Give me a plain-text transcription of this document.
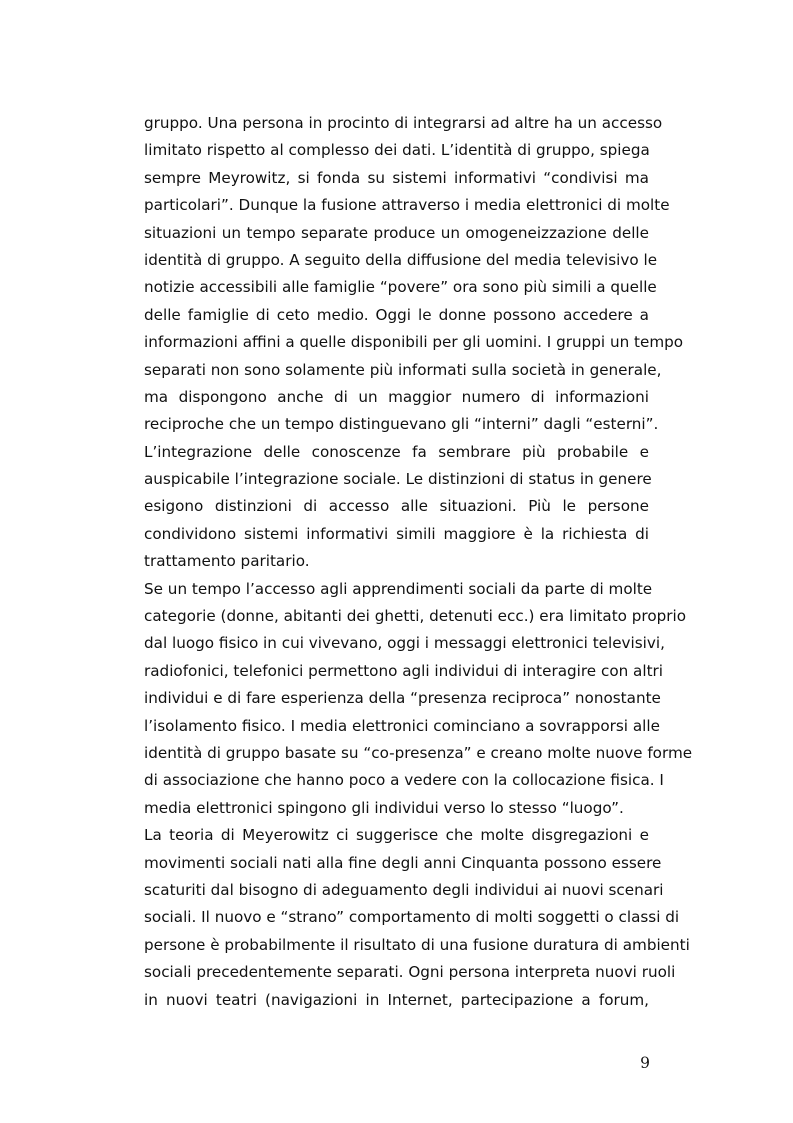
gruppo. Una persona in procinto di integrarsi ad altre ha un accesso
limitato rispetto al complesso dei dati. L’identità di gruppo, spiega
sempre Meyrowitz, si fonda su sistemi informativi “condivisi ma
particolari”. Dunque la fusione attraverso i media elettronici di molte
situazioni un tempo separate produce un omogeneizzazione delle
identità di gruppo. A seguito della diffusione del media televisivo le
notizie accessibili alle famiglie “povere” ora sono più simili a quelle
delle famiglie di ceto medio. Oggi le donne possono accedere a
informazioni affini a quelle disponibili per gli uomini. I gruppi un tempo
separati non sono solamente più informati sulla società in generale,
ma dispongono anche di un maggior numero di informazioni
reciproche che un tempo distinguevano gli “interni” dagli “esterni”.
L’integrazione delle conoscenze fa sembrare più probabile e
auspicabile l’integrazione sociale. Le distinzioni di status in genere
esigono distinzioni di accesso alle situazioni. Più le persone
condividono sistemi informativi simili maggiore è la richiesta di
trattamento paritario.
Se un tempo l’accesso agli apprendimenti sociali da parte di molte
categorie (donne, abitanti dei ghetti, detenuti ecc.) era limitato proprio
dal luogo fisico in cui vivevano, oggi i messaggi elettronici televisivi,
radiofonici, telefonici permettono agli individui di interagire con altri
individui e di fare esperienza della “presenza reciproca” nonostante
l’isolamento fisico. I media elettronici cominciano a sovrapporsi alle
identità di gruppo basate su “co-presenza” e creano molte nuove forme
di associazione che hanno poco a vedere con la collocazione fisica. I
media elettronici spingono gli individui verso lo stesso “luogo”.
La teoria di Meyerowitz ci suggerisce che molte disgregazioni e
movimenti sociali nati alla fine degli anni Cinquanta possono essere
scaturiti dal bisogno di adeguamento degli individui ai nuovi scenari
sociali. Il nuovo e “strano” comportamento di molti soggetti o classi di
persone è probabilmente il risultato di una fusione duratura di ambienti
sociali precedentemente separati. Ogni persona interpreta nuovi ruoli
in nuovi teatri (navigazioni in Internet, partecipazione a forum,
9
